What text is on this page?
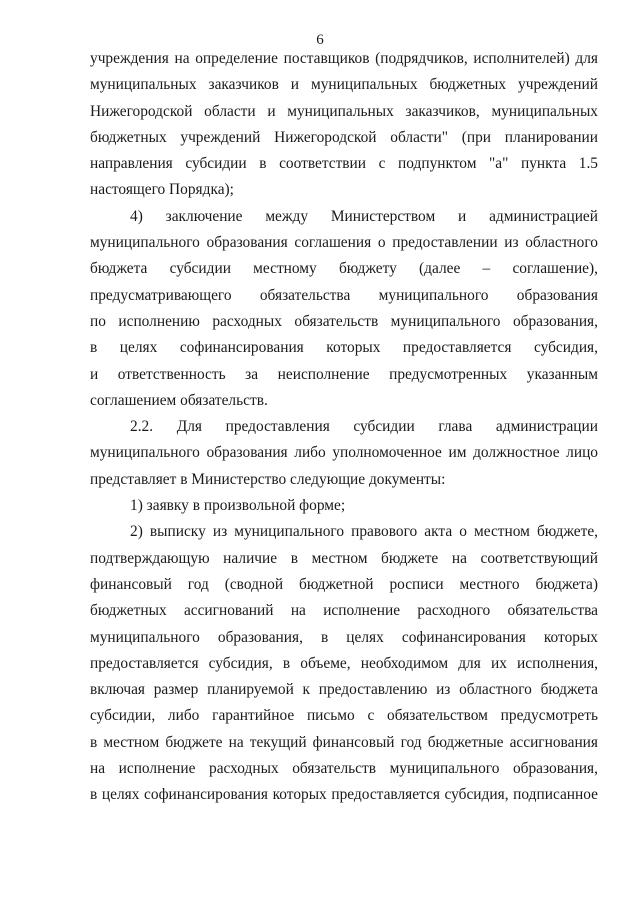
6
учреждения на определение поставщиков (подрядчиков, исполнителей) для
муниципальных заказчиков и муниципальных бюджетных учреждений
Нижегородской области и муниципальных заказчиков, муниципальных
бюджетных учреждений Нижегородской области" (при планировании
направления субсидии в соответствии с подпунктом "а" пункта 1.5
настоящего Порядка);
4) заключение между Министерством и администрацией
муниципального образования соглашения о предоставлении из областного
бюджета субсидии местному бюджету (далее – соглашение),
предусматривающего обязательства муниципального образования
по исполнению расходных обязательств муниципального образования,
в целях софинансирования которых предоставляется субсидия,
и ответственность за неисполнение предусмотренных указанным
соглашением обязательств.
2.2. Для предоставления субсидии глава администрации
муниципального образования либо уполномоченное им должностное лицо
представляет в Министерство следующие документы:
1) заявку в произвольной форме;
2) выписку из муниципального правового акта о местном бюджете,
подтверждающую наличие в местном бюджете на соответствующий
финансовый год (сводной бюджетной росписи местного бюджета)
бюджетных ассигнований на исполнение расходного обязательства
муниципального образования, в целях софинансирования которых
предоставляется субсидия, в объеме, необходимом для их исполнения,
включая размер планируемой к предоставлению из областного бюджета
субсидии, либо гарантийное письмо с обязательством предусмотреть
в местном бюджете на текущий финансовый год бюджетные ассигнования
на исполнение расходных обязательств муниципального образования,
в целях софинансирования которых предоставляется субсидия, подписанное
